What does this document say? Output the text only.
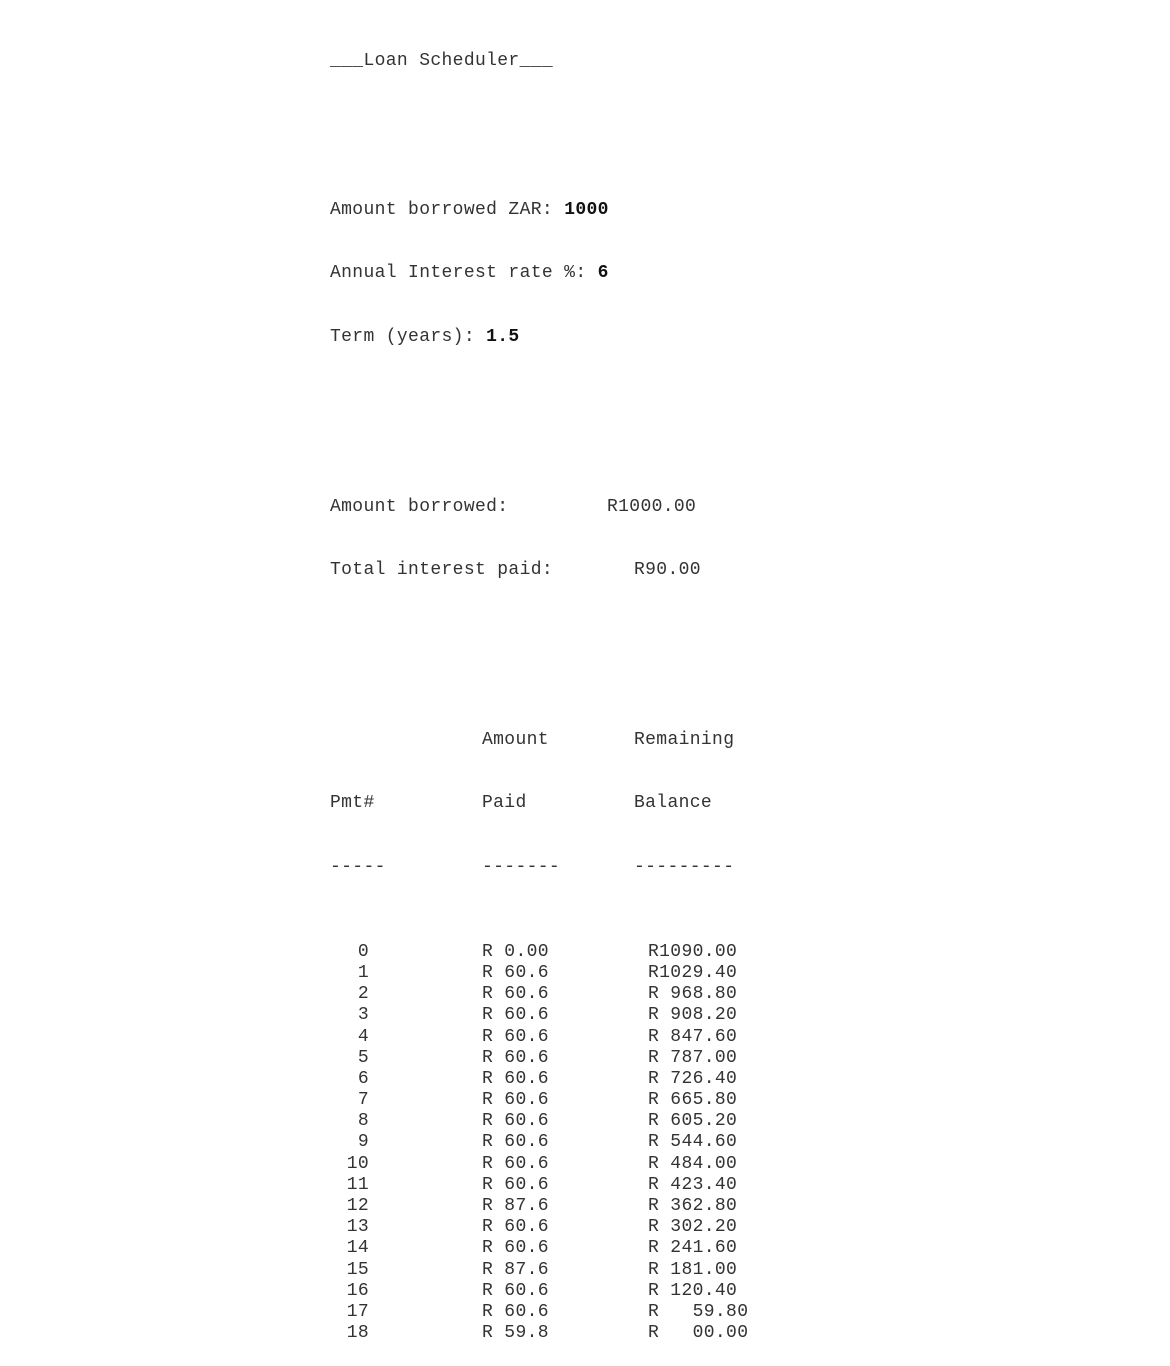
___Loan Scheduler___

Amount borrowed ZAR: 1000

Annual Interest rate %: 6

Term (years): 1.5

Amount borrowed:	R1000.00

Total interest paid:	R90.00

Amount	Remaining

Pmt#	Paid	Balance

-----	-------	---------

0	R 0.00	R1090.00
1	R 60.6	R1029.40
2	R 60.6	R 968.80
3	R 60.6	R 908.20
4	R 60.6	R 847.60
5	R 60.6	R 787.00
6	R 60.6	R 726.40
7	R 60.6	R 665.80
8	R 60.6	R 605.20
9	R 60.6	R 544.60
10	R 60.6	R 484.00
11	R 60.6	R 423.40
12	R 87.6	R 362.80
13	R 60.6	R 302.20
14	R 60.6	R 241.60
15	R 87.6	R 181.00
16	R 60.6	R 120.40
17	R 60.6	R   59.80
18	R 59.8	R   00.00
